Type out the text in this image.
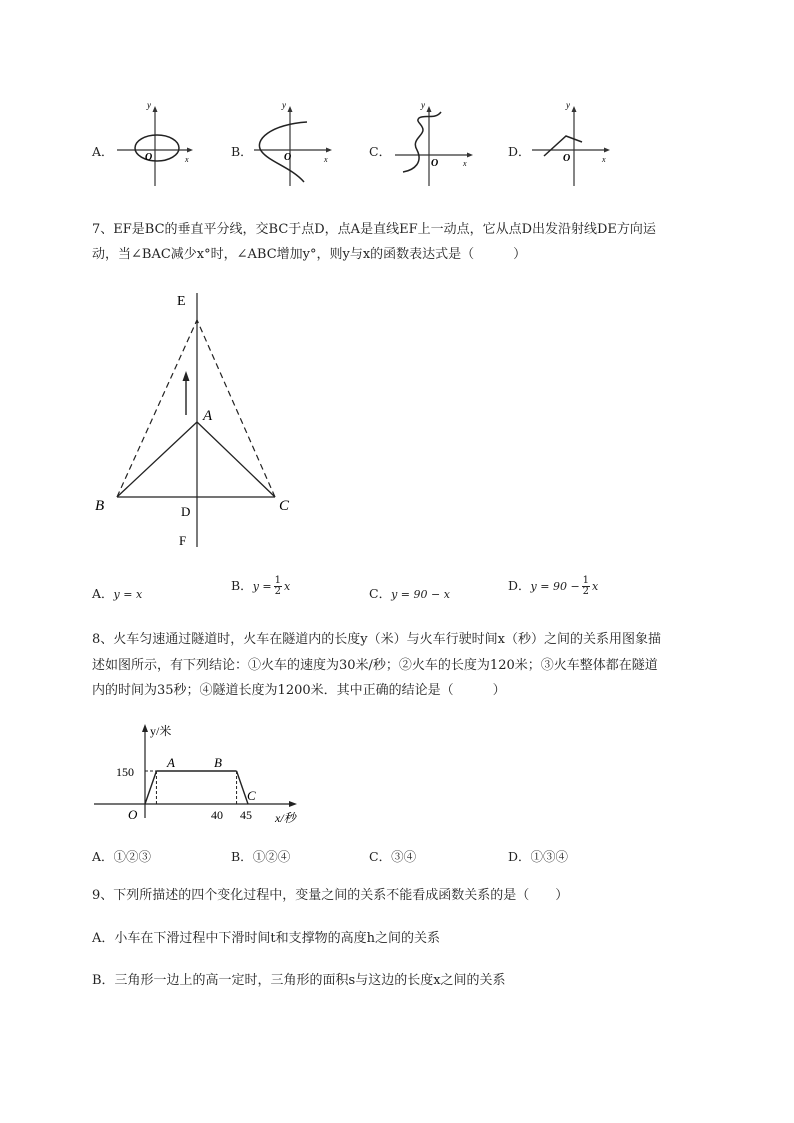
A．
y
x
O	B．
y
x
O	C．
y
x
O
D．
y
x
O
7、EF是BC的垂直平分线，交BC于点D，点A是直线EF上一动点，它从点D出发沿射线DE方向运
动，当∠BAC减少x°时，∠ABC增加y°，则y与x的函数表达式是（　　　）
E
A
B	C
D
F
A．y = x
B．$y = \frac{1}{2}$ x	C．y = 90 − x
D．$y = 90 - \frac{1}{2}$ x
8、火车匀速通过隧道时，火车在隧道内的长度y（米）与火车行驶时间x（秒）之间的关系用图象描
述如图所示，有下列结论：①火车的速度为30米/秒；②火车的长度为120米；③火车整体都在隧道
内的时间为35秒；④隧道长度为1200米．其中正确的结论是（　　　）
y/米
x/秒
O
150
40 45
A	B
C
A．①②③	B．①②④	C．③④	D．①③④
9、下列所描述的四个变化过程中，变量之间的关系不能看成函数关系的是（　　）
A．小车在下滑过程中下滑时间t和支撑物的高度h之间的关系
B．三角形一边上的高一定时，三角形的面积s与这边的长度x之间的关系
